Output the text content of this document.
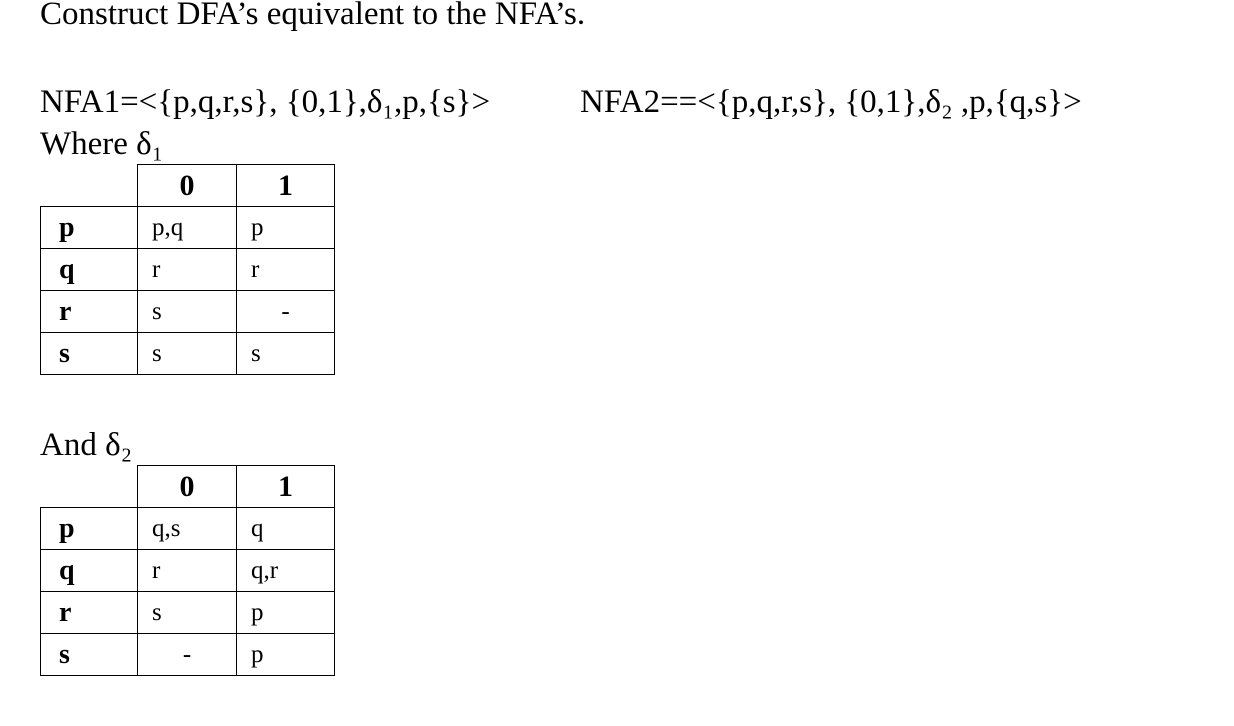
Construct DFA’s equivalent to the NFA’s.
NFA1=<{p,q,r,s}, {0,1},δ₁,p,{s}>	NFA2==<{p,q,r,s}, {0,1},δ₂ ,p,{q,s}>
Where δ₁
	0	1
p	p,q	p
q	r	r
r	s	-
s	s	s
And δ₂
	0	1
p	q,s	q
q	r	q,r
r	s	p
s	-	p
